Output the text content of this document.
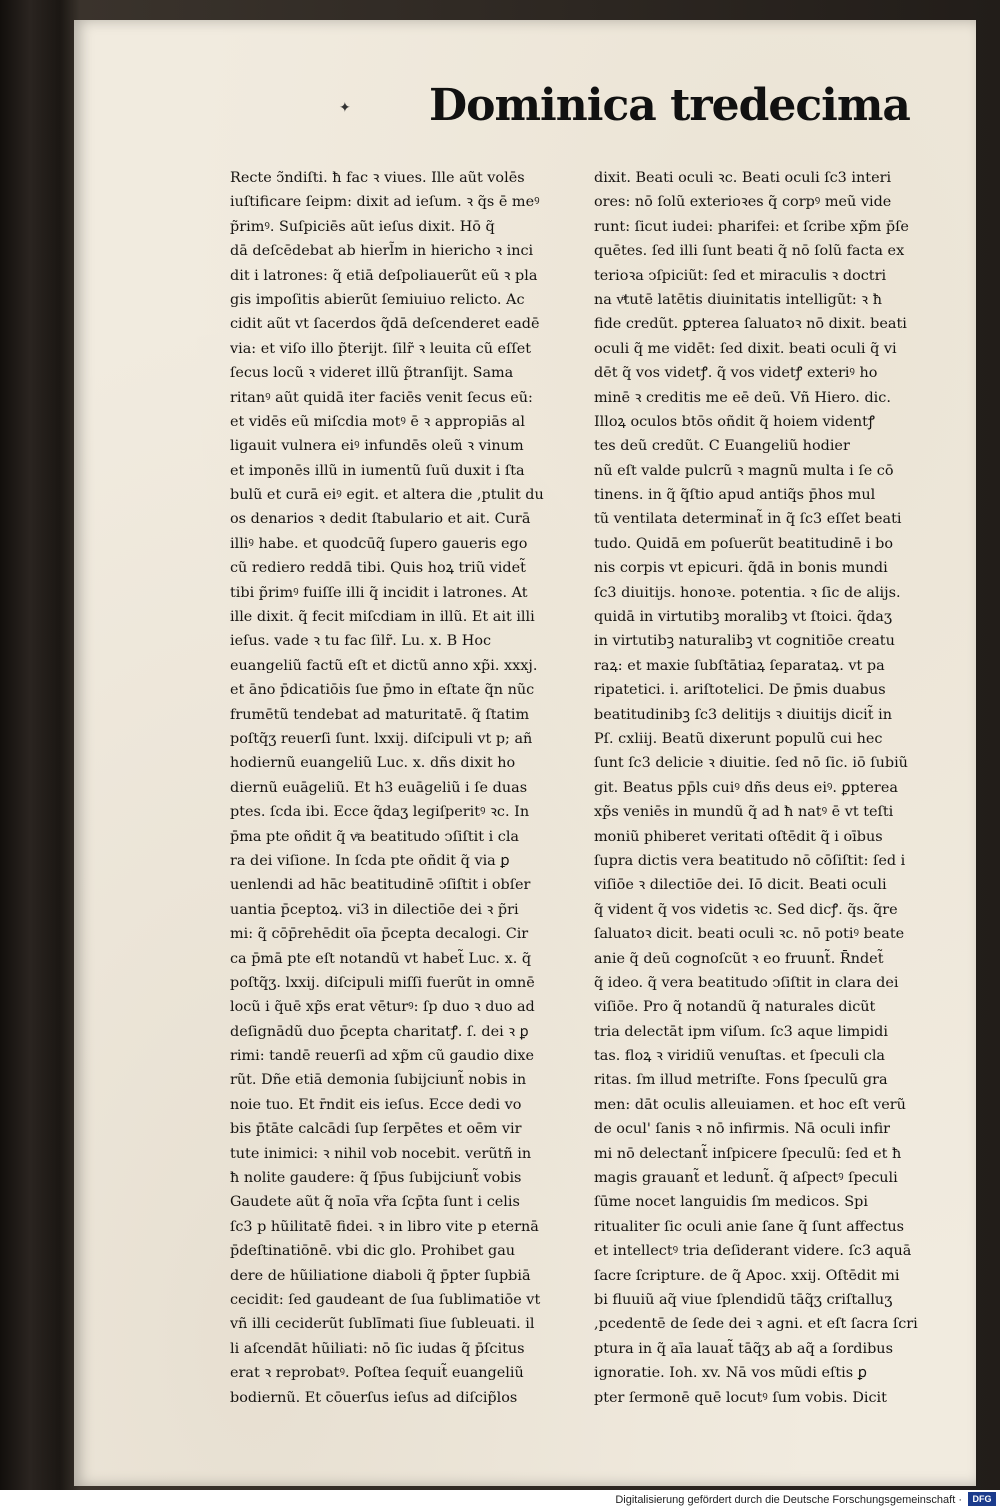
✦ Dominica tredecima
Recte ↄ̃ndiſti. ħ fac ꝛ viues. Ille aũt volēs
iuſtificare ſeipm: dixit ad ieſum. ꝛ q̃s ē meꝰ
p̃rimꝰ. Suſpiciēs aũt ieſus dixit. Hō q̃
dā deſcēdebat ab hierl̃m in hiericho ꝛ inci
dit i latrones: q̃ etiā deſpoliauerũt eũ ꝛ pla
gis impoſitis abierũt ſemiuiuo relicto. Ac
cidit aũt vt ſacerdos q̃dā deſcenderet eadē
via: et viſo illo p̃terijt. ſilr̃ ꝛ leuita cũ eſſet
ſecus locũ ꝛ videret illũ p̃tranſijt. Sama
ritanꝰ aũt quidā iter faciēs venit ſecus eũ:
et vidēs eũ miſcdia motꝰ ē ꝛ appropiās al
ligauit vulnera eiꝰ infundēs oleũ ꝛ vinum
et imponēs illũ in iumentũ ſuũ duxit i ſta
bulũ et curā eiꝰ egit. et altera die ,ptulit du
os denarios ꝛ dedit ſtabulario et ait. Curā
illiꝰ habe. et quodcūq̃ ſupero gaueris ego
cũ rediero reddā tibi. Quis hoꝝ triũ videt̃
tibi p̃rimꝰ fuiſſe illi q̃ incidit i latrones. At
ille dixit. q̃ fecit miſcdiam in illũ. Et ait illi
ieſus. vade ꝛ tu fac ſilr̃. Lu. x. B Hoc
euangeliũ factũ eſt et dictũ anno xp̃i. xxxj.
et āno p̄dicatiōis ſue p̄mo in eſtate q̃n nũc
frumētũ tendebat ad maturitatē. q̃ ſtatim
poſtq̃ʒ reuerſi ſunt. lxxij. diſcipuli vt p; añ
hodiernũ euangeliũ Luc. x. dñs dixit ho
diernũ euāgeliũ. Et h3 euāgeliũ i ſe duas
ptes. ſcda ibi. Ecce q̃daʒ legiſperitꝰ ꝛc. In
p̄ma pte oñdit q̃ vͣa beatitudo ↄſiſtit i cla
ra dei viſione. In ſcda pte oñdit q̃ via ꝑ
uenlendi ad hāc beatitudinē ↄſiſtit i obſer
uantia p̄ceptoꝝ. vi3 in dilectiōe dei ꝛ p̃ri
mi: q̃ cōp̄rehēdit oīa p̄cepta decalogi. Cir
ca p̄mā pte eſt notandũ vt habet̃ Luc. x. q̃
poſtq̃ʒ. lxxij. diſcipuli miſſi fuerũt in omnē
locũ i q̃uē xp̃s erat vēturꝰ: ſp duo ꝛ duo ad
deſignādũ duo p̄cepta charitatꝭ. ſ. dei ꝛ ꝑ
rimi: tandē reuerſi ad xp̃m cũ gaudio dixe
rũt. Dñe etiā demonia ſubijciunt̃ nobis in
noie tuo. Et r̄ndit eis ieſus. Ecce dedi vo
bis p̄tāte calcādi ſup ſerpētes et oēm vir
tute inimici: ꝛ nihil vob nocebit. verũtñ in
ħ nolite gaudere: q̃ ſp̄us ſubijciunt̃ vobis
Gaudete aũt q̃ noīa vr̃a ſcp̄ta ſunt i celis
ſc3 p hũilitatē fidei. ꝛ in libro vite p eternā
p̄deſtinatiōnē. vbi dic glo. Prohibet gau
dere de hũiliatione diaboli q̃ p̄pter ſupbiā
cecidit: ſed gaudeant de ſua ſublimatiōe vt
vñ illi ceciderũt ſublīmati ſiue ſubleuati. il
li aſcendāt hũiliati: nō ſic iudas q̃ p̄ſcitus
erat ꝛ reprobatꝰ. Poſtea ſequit̃ euangeliũ
bodiernũ. Et cōuerſus ieſus ad diſcip̃los
dixit. Beati oculi ꝛc. Beati oculi ſc3 interi
ores: nō ſolũ exterioꝛes q̃ corpꝰ meũ vide
runt: ſicut iudei: pharifei: et ſcribe xp̃m p̄ſe
quētes. ſed illi ſunt beati q̃ nō ſolũ facta ex
terioꝛa ↄſpiciũt: ſed et miraculis ꝛ doctri
na vͣtutē latētis diuinitatis intelligũt: ꝛ ħ
fide credũt. ꝑpterea ſaluatoꝛ nō dixit. beati
oculi q̃ me vidēt: ſed dixit. beati oculi q̃ vi
dēt q̃ vos videtꝭ. q̃ vos videtꝭ exteriꝰ ho
minē ꝛ creditis me eē deũ. Vñ Hiero. dic.
Illoꝝ oculos btōs oñdit q̃ hoiem videntꝭ
tes deũ credũt. C Euangeliũ hodier
nũ eſt valde pulcrũ ꝛ magnũ multa i ſe cō
tinens. in q̃ q̃ſtio apud antiq̃s p̄hos mul
tũ ventilata determinat̃ in q̃ ſc3 eſſet beati
tudo. Quidā em poſuerũt beatitudinē i bo
nis corpis vt epicuri. q̃dā in bonis mundi
ſc3 diuitijs. honoꝛe. potentia. ꝛ ſic de alijs.
quidā in virtutibꝫ moralibꝫ vt ſtoici. q̃daʒ
in virtutibꝫ naturalibꝫ vt cognitiōe creatu
raꝝ: et maxie ſubſtātiaꝝ ſeparataꝝ. vt pa
ripatetici. i. ariſtotelici. De p̄mis duabus
beatitudinibꝫ ſc3 delitijs ꝛ diuitijs dicit̃ in
Pſ. cxliij. Beatũ dixerunt populũ cui hec
ſunt ſc3 delicie ꝛ diuitie. ſed nō ſic. iō ſubiũ
git. Beatus pp̄ls cuiꝰ dñs deus eiꝰ. ꝑpterea
xp̃s veniēs in mundũ q̃ ad ħ natꝰ ē vt teſti
moniũ phiberet veritati oſtēdit q̃ i oībus
ſupra dictis vera beatitudo nō cōſiſtit: ſed i
viſiōe ꝛ dilectiōe dei. Iō dicit. Beati oculi
q̃ vident q̃ vos videtis ꝛc. Sed dicꝭ. q̃s. q̃re
ſaluatoꝛ dicit. beati oculi ꝛc. nō potiꝰ beate
anie q̃ deũ cognoſcũt ꝛ eo fruunt̃. R̄ndet̃
q̃ ideo. q̃ vera beatitudo ↄſiſtit in clara dei
viſiōe. Pro q̃ notandũ q̃ naturales dicũt
tria delectāt ipm viſum. ſc3 aque limpidi
tas. floꝝ ꝛ viridiũ venuſtas. et ſpeculi cla
ritas. ſm illud metriſte. Fons ſpeculũ gra
men: dāt oculis alleuiamen. et hoc eſt verũ
de ocul' ſanis ꝛ nō infirmis. Nā oculi infir
mi nō delectant̃ inſpicere ſpeculũ: ſed et ħ
magis grauant̃ et ledunt̃. q̃ aſpectꝰ ſpeculi
ſūme nocet languidis ſm medicos. Spi
ritualiter ſic oculi anie ſane q̃ ſunt affectus
et intellectꝰ tria deſiderant videre. ſc3 aquā
ſacre ſcripture. de q̃ Apoc. xxij. Oſtēdit mi
bi fluuiũ aq̃ viue ſplendidũ tāq̃ʒ criſtalluʒ
,pcedentē de ſede dei ꝛ agni. et eſt ſacra ſcri
ptura in q̃ aīa lauat̃ tāq̃ʒ ab aq̃ a ſordibus
ignoratie. Ioh. xv. Nā vos mũdi eſtis ꝑ
pter ſermonē quē locutꝰ ſum vobis. Dicit
Digitalisierung gefördert durch die Deutsche Forschungsgemeinschaft ·	DFG
